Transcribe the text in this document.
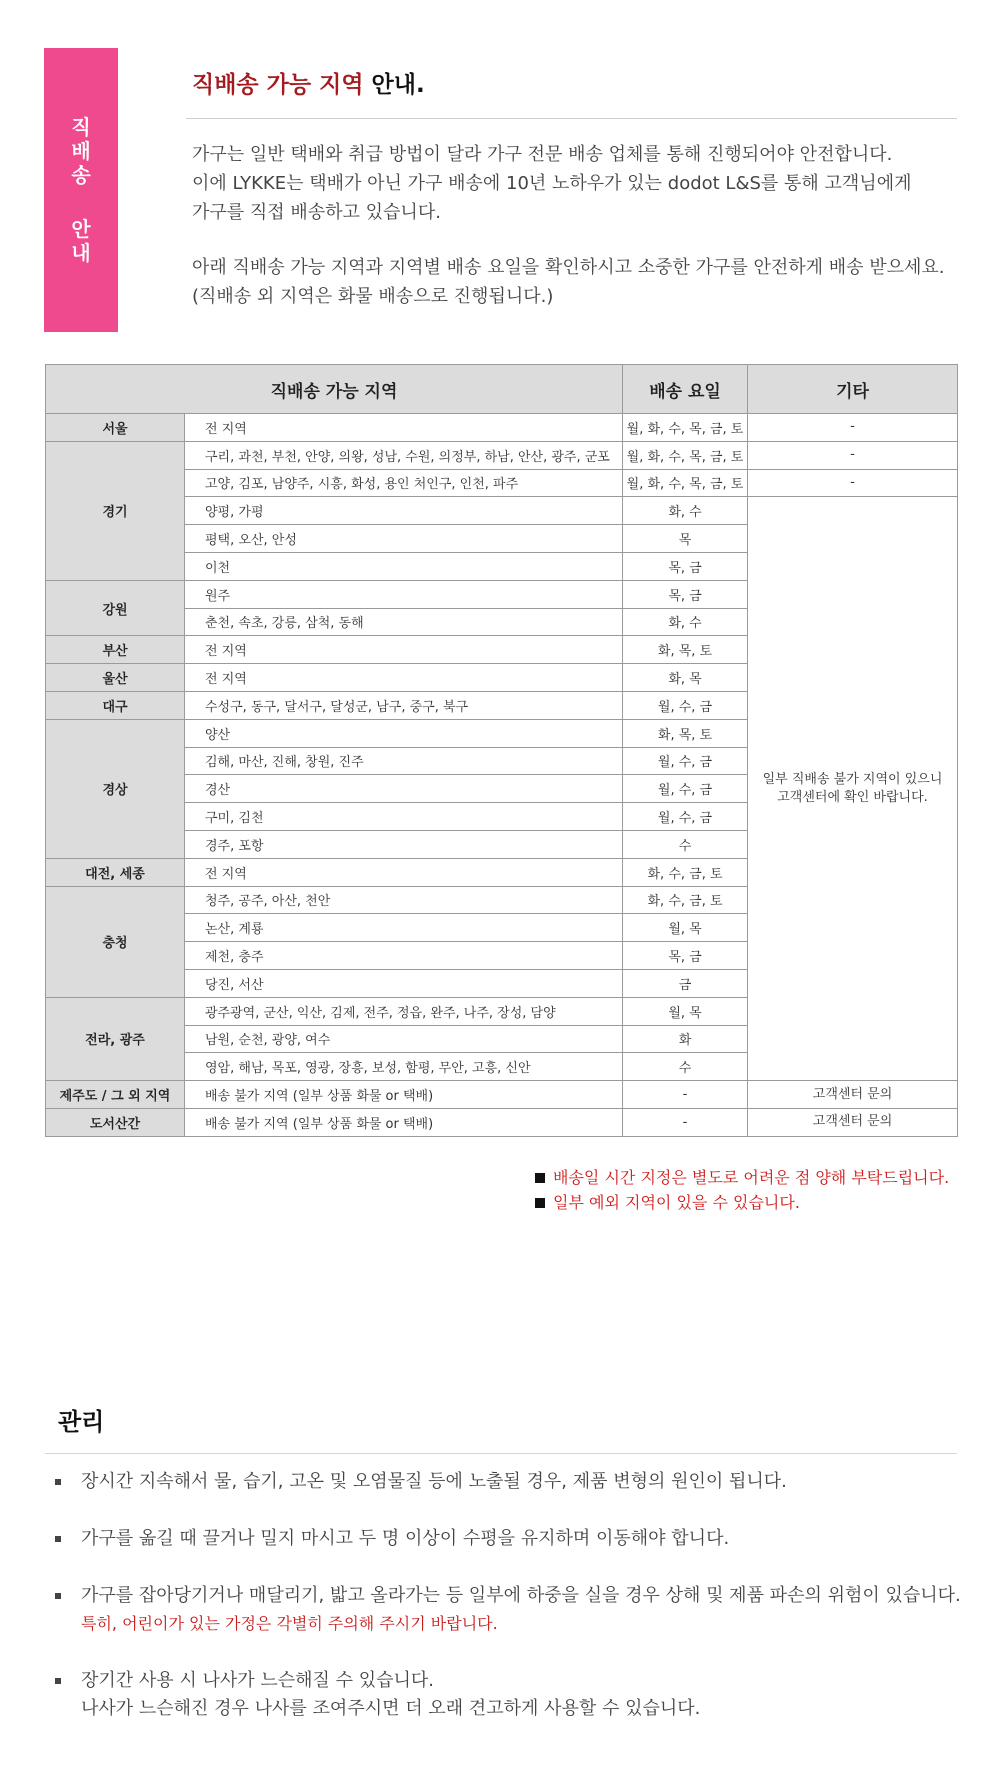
직
배
송
안
내
직배송 가능 지역 안내.

가구는 일반 택배와 취급 방법이 달라 가구 전문 배송 업체를 통해 진행되어야 안전합니다.

이에 LYKKE는 택배가 아닌 가구 배송에 10년 노하우가 있는 dodot L&S를 통해 고객님에게

가구를 직접 배송하고 있습니다.

아래 직배송 가능 지역과 지역별 배송 요일을 확인하시고 소중한 가구를 안전하게 배송 받으세요.

(직배송 외 지역은 화물 배송으로 진행됩니다.)

직배송 가능 지역		배송 요일	기타
서울	전 지역	월, 화, 수, 목, 금, 토	-
경기	구리, 과천, 부천, 안양, 의왕, 성남, 수원, 의정부, 하남, 안산, 광주, 군포	월, 화, 수, 목, 금, 토	-
	고양, 김포, 남양주, 시흥, 화성, 용인 처인구, 인천, 파주	월, 화, 수, 목, 금, 토	-
	양평, 가평	화, 수	일부 직배송 불가 지역이 있으니
고객센터에 확인 바랍니다.

	평택, 오산, 안성	목	
	이천	목, 금	
강원	원주	목, 금	
	춘천, 속초, 강릉, 삼척, 동해	화, 수	
부산	전 지역	화, 목, 토	
울산	전 지역	화, 목	
대구	수성구, 동구, 달서구, 달성군, 남구, 중구, 북구	월, 수, 금	
경상	양산	화, 목, 토	
	김해, 마산, 진해, 창원, 진주	월, 수, 금	
	경산	월, 수, 금	
	구미, 김천	월, 수, 금	
	경주, 포항	수	
대전, 세종	전 지역	화, 수, 금, 토	
충청	청주, 공주, 아산, 천안	화, 수, 금, 토	
	논산, 계룡	월, 목	
	제천, 충주	목, 금	
	당진, 서산	금	
전라, 광주	광주광역, 군산, 익산, 김제, 전주, 정읍, 완주, 나주, 장성, 담양	월, 목	
	남원, 순천, 광양, 여수	화	
	영암, 해남, 목포, 영광, 장흥, 보성, 함평, 무안, 고흥, 신안	수	
제주도 / 그 외 지역	배송 불가 지역 (일부 상품 화물 or 택배)	-	고객센터 문의
도서산간	배송 불가 지역 (일부 상품 화물 or 택배)	-	고객센터 문의
배송일 시간 지정은 별도로 어려운 점 양해 부탁드립니다.
일부 예외 지역이 있을 수 있습니다.
관리
장시간 지속해서 물, 습기, 고온 및 오염물질 등에 노출될 경우, 제품 변형의 원인이 됩니다.
가구를 옮길 때 끌거나 밀지 마시고 두 명 이상이 수평을 유지하며 이동해야 합니다.
가구를 잡아당기거나 매달리기, 밟고 올라가는 등 일부에 하중을 실을 경우 상해 및 제품 파손의 위험이 있습니다.
특히, 어린이가 있는 가정은 각별히 주의해 주시기 바랍니다.
장기간 사용 시 나사가 느슨해질 수 있습니다.
나사가 느슨해진 경우 나사를 조여주시면 더 오래 견고하게 사용할 수 있습니다.
